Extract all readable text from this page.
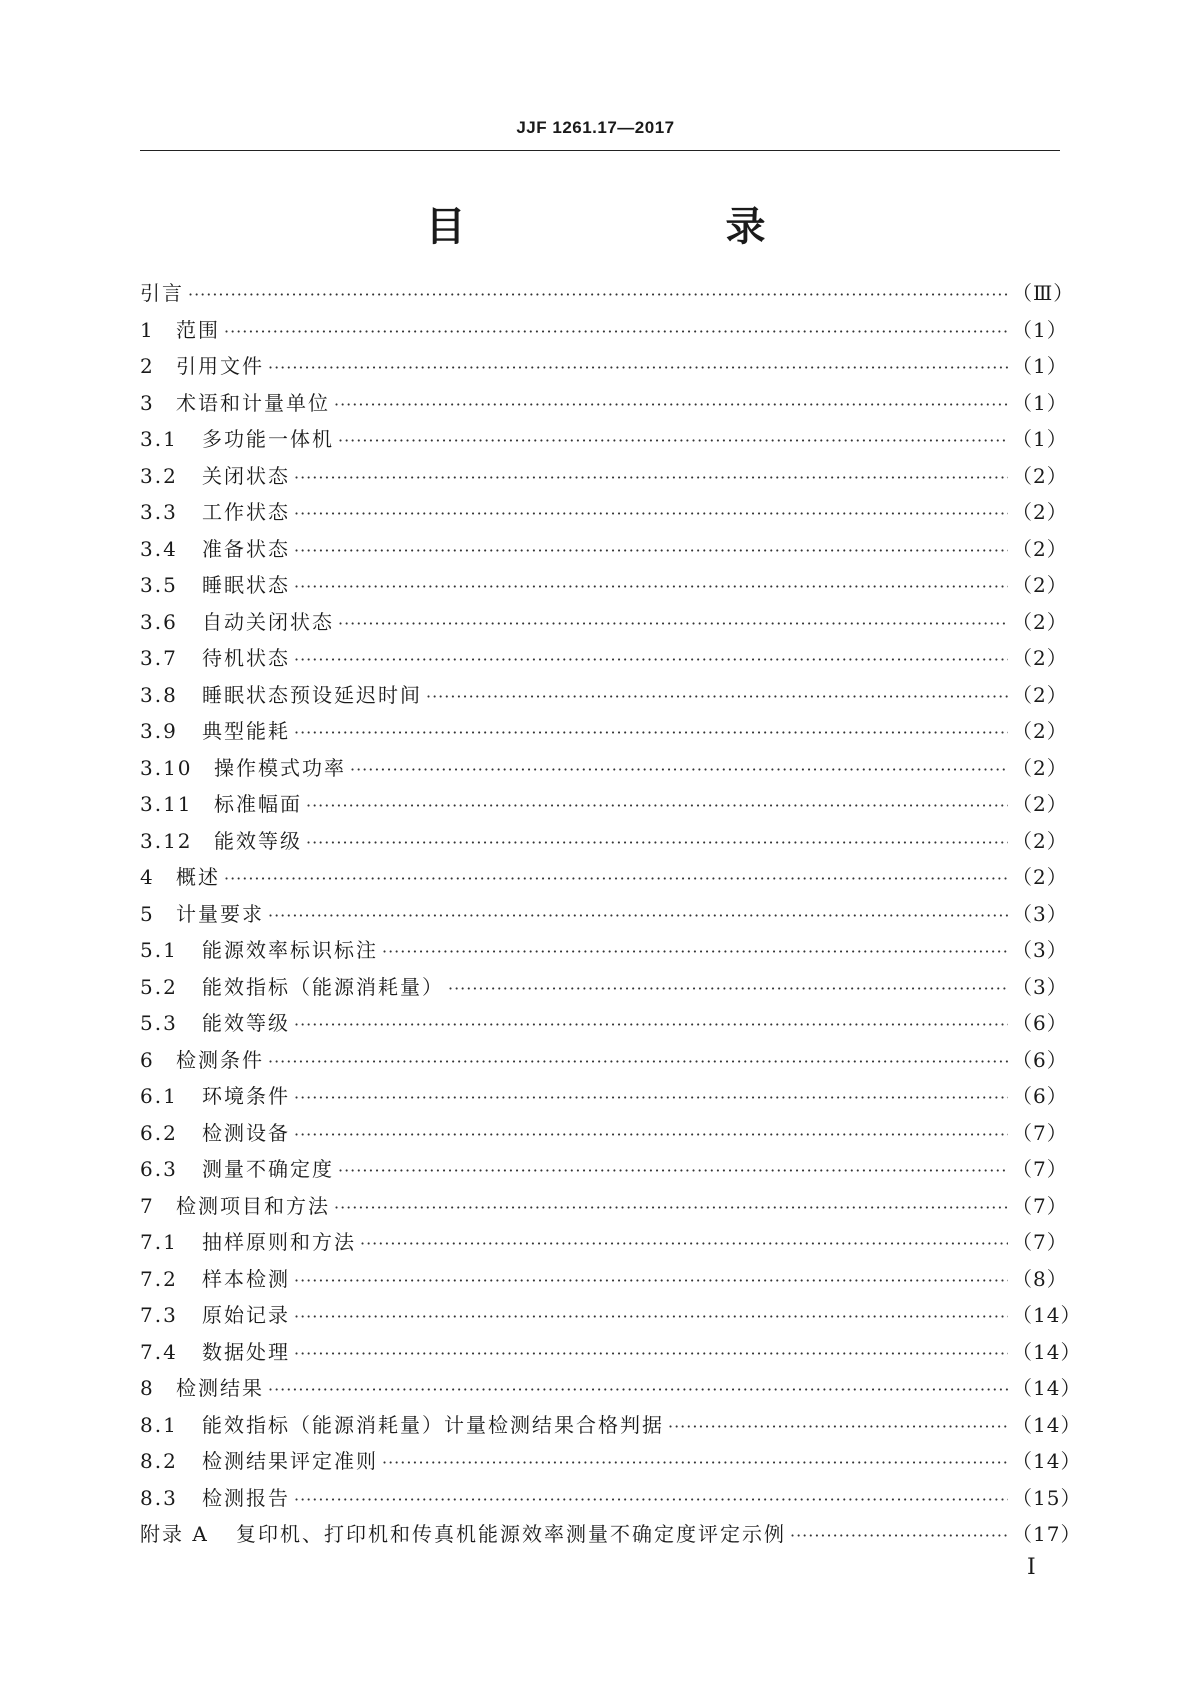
JJF 1261.17—2017
目　　录
引言 ·····	（Ⅲ）
1	范围 ·····	（1）
2	引用文件 ·····	（1）
3	术语和计量单位 ·····	（1）
3.1	多功能一体机 ·····	（1）
3.2	关闭状态 ·····	（2）
3.3	工作状态 ·····	（2）
3.4	准备状态 ·····	（2）
3.5	睡眠状态 ·····	（2）
3.6	自动关闭状态 ·····	（2）
3.7	待机状态 ·····	（2）
3.8	睡眠状态预设延迟时间 ·····	（2）
3.9	典型能耗 ·····	（2）
3.10	操作模式功率 ·····	（2）
3.11	标准幅面 ·····	（2）
3.12	能效等级 ·····	（2）
4	概述 ·····	（2）
5	计量要求 ·····	（3）
5.1	能源效率标识标注 ·····	（3）
5.2	能效指标（能源消耗量） ·····	（3）
5.3	能效等级 ·····	（6）
6	检测条件 ·····	（6）
6.1	环境条件 ·····	（6）
6.2	检测设备 ·····	（7）
6.3	测量不确定度 ·····	（7）
7	检测项目和方法 ·····	（7）
7.1	抽样原则和方法 ·····	（7）
7.2	样本检测 ·····	（8）
7.3	原始记录 ·····	（14）
7.4	数据处理 ·····	（14）
8	检测结果 ·····	（14）
8.1	能效指标（能源消耗量）计量检测结果合格判据 ·····	（14）
8.2	检测结果评定准则 ·····	（14）
8.3	检测报告 ·····	（15）
附录 A	复印机、打印机和传真机能源效率测量不确定度评定示例 ·····	（17）
I
